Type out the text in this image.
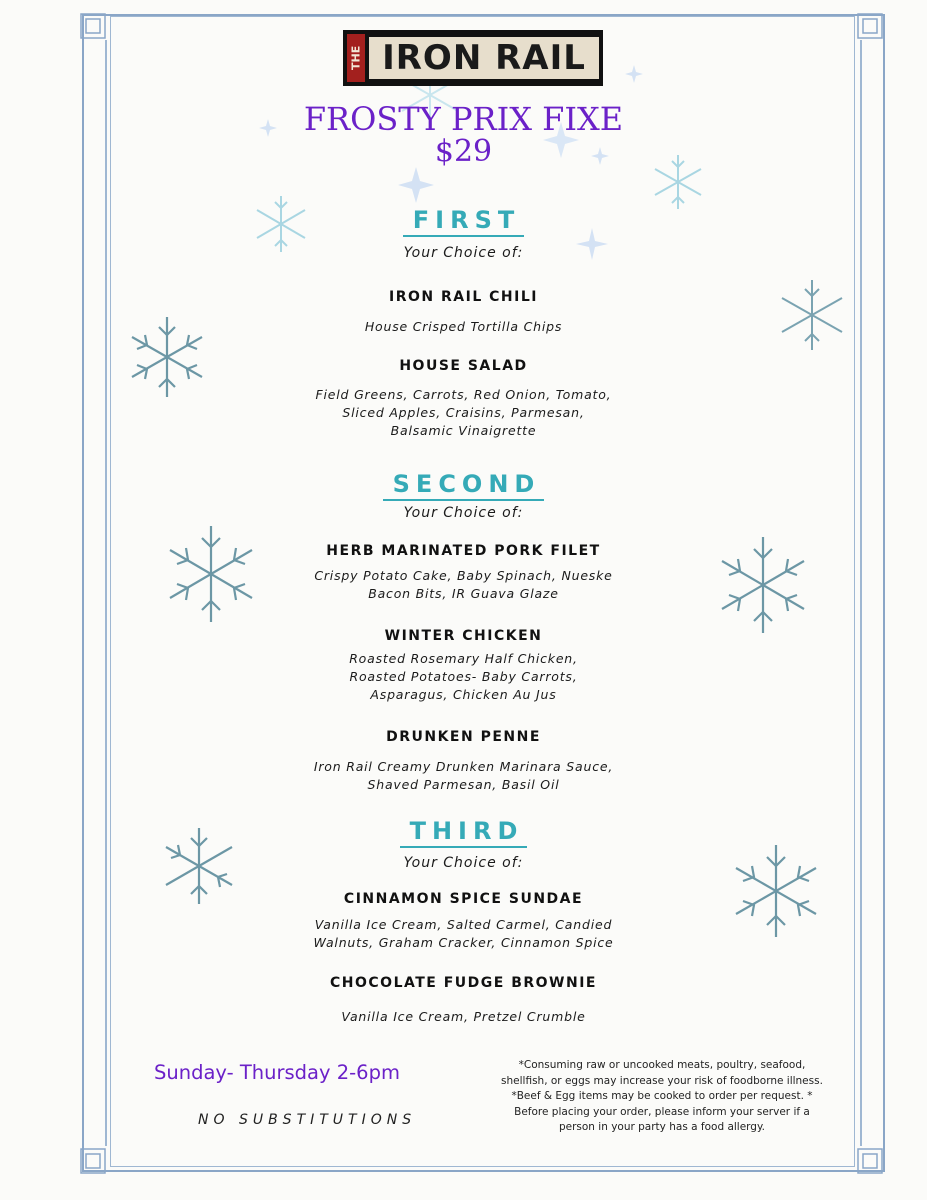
THE IRON RAIL
FROSTY PRIX FIXE
$29
FIRST
Your Choice of:
IRON RAIL CHILI
House Crisped Tortilla Chips
HOUSE SALAD
Field Greens, Carrots, Red Onion, Tomato,
Sliced Apples, Craisins, Parmesan,
Balsamic Vinaigrette
SECOND
Your Choice of:
HERB MARINATED PORK FILET
Crispy Potato Cake, Baby Spinach, Nueske
Bacon Bits, IR Guava Glaze
WINTER CHICKEN
Roasted Rosemary Half Chicken,
Roasted Potatoes- Baby Carrots,
Asparagus, Chicken Au Jus
DRUNKEN PENNE
Iron Rail Creamy Drunken Marinara Sauce,
Shaved Parmesan, Basil Oil
THIRD
Your Choice of:
CINNAMON SPICE SUNDAE
Vanilla Ice Cream, Salted Carmel, Candied
Walnuts, Graham Cracker, Cinnamon Spice
CHOCOLATE FUDGE BROWNIE
Vanilla Ice Cream, Pretzel Crumble
Sunday- Thursday 2-6pm
NO SUBSTITUTIONS
*Consuming raw or uncooked meats, poultry, seafood,
shellfish, or eggs may increase your risk of foodborne illness.
*Beef & Egg items may be cooked to order per request. *
Before placing your order, please inform your server if a
person in your party has a food allergy.
